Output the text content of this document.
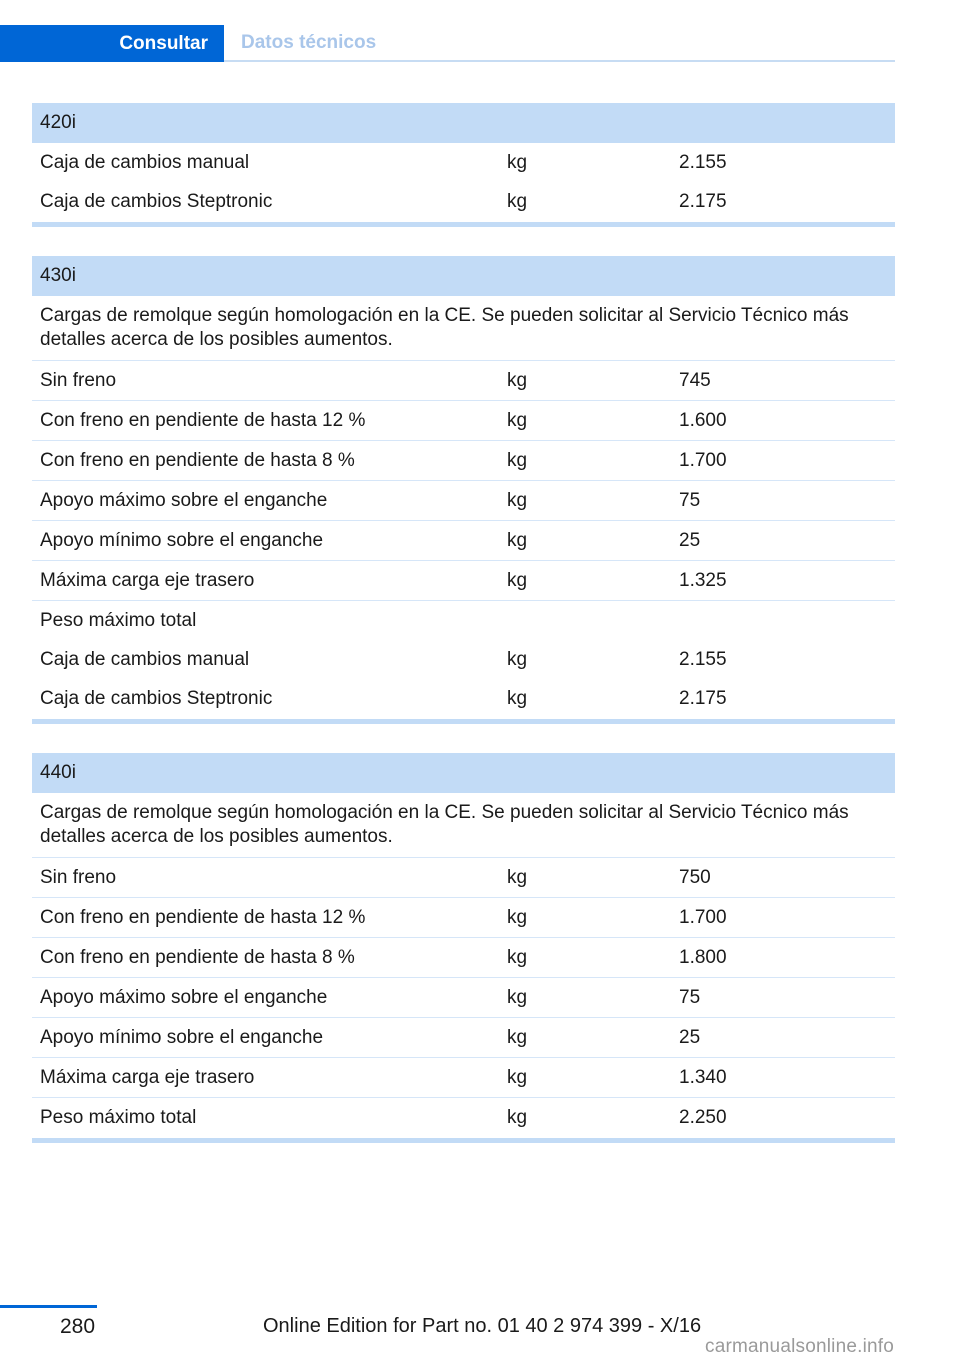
Consultar	Datos técnicos
420i
Caja de cambios manual	kg	2.155
Caja de cambios Steptronic	kg	2.175
430i
Cargas de remolque según homologación en la CE. Se pueden solicitar al Servicio Técnico más detalles acerca de los posibles aumentos.
Sin freno	kg	745
Con freno en pendiente de hasta 12 %	kg	1.600
Con freno en pendiente de hasta 8 %	kg	1.700
Apoyo máximo sobre el enganche	kg	75
Apoyo mínimo sobre el enganche	kg	25
Máxima carga eje trasero	kg	1.325
Peso máximo total
Caja de cambios manual	kg	2.155
Caja de cambios Steptronic	kg	2.175
440i
Cargas de remolque según homologación en la CE. Se pueden solicitar al Servicio Técnico más detalles acerca de los posibles aumentos.
Sin freno	kg	750
Con freno en pendiente de hasta 12 %	kg	1.700
Con freno en pendiente de hasta 8 %	kg	1.800
Apoyo máximo sobre el enganche	kg	75
Apoyo mínimo sobre el enganche	kg	25
Máxima carga eje trasero	kg	1.340
Peso máximo total	kg	2.250
280	Online Edition for Part no. 01 40 2 974 399 - X/16
carmanualsonline.info
